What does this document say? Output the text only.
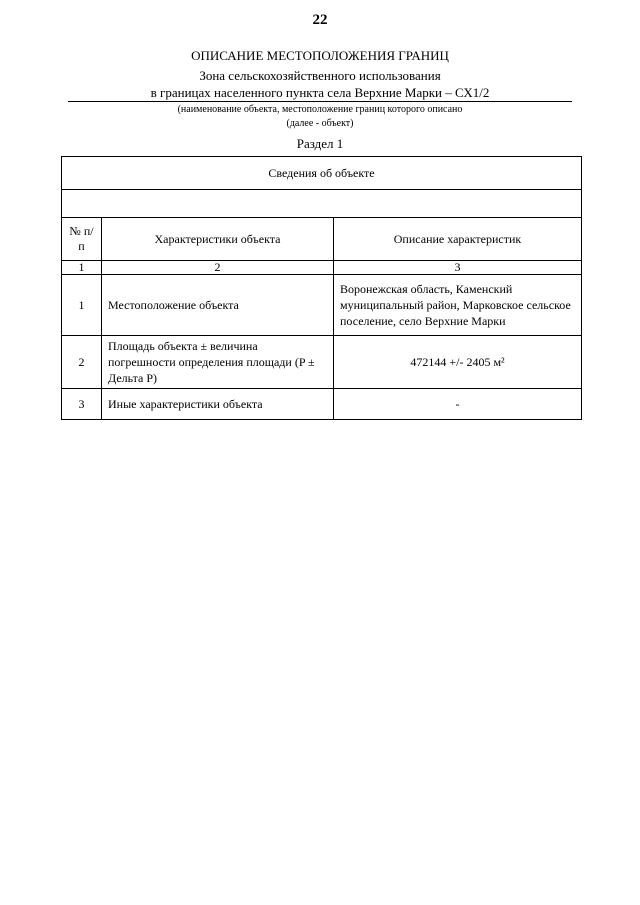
22
ОПИСАНИЕ МЕСТОПОЛОЖЕНИЯ ГРАНИЦ
Зона сельскохозяйственного использования
в границах населенного пункта села Верхние Марки – СХ1/2
(наименование объекта, местоположение границ которого описано
(далее - объект)
Раздел 1
Сведения об объекте		

№ п/п	Характеристики объекта	Описание характеристик
1	2	3
1	Местоположение объекта	Воронежская область, Каменский муниципальный район, Марковское сельское поселение, село Верхние Марки
2	Площадь объекта ± величина погрешности определения площади (P ± Дельта P)	472144 +/- 2405 м²
3	Иные характеристики объекта	-
